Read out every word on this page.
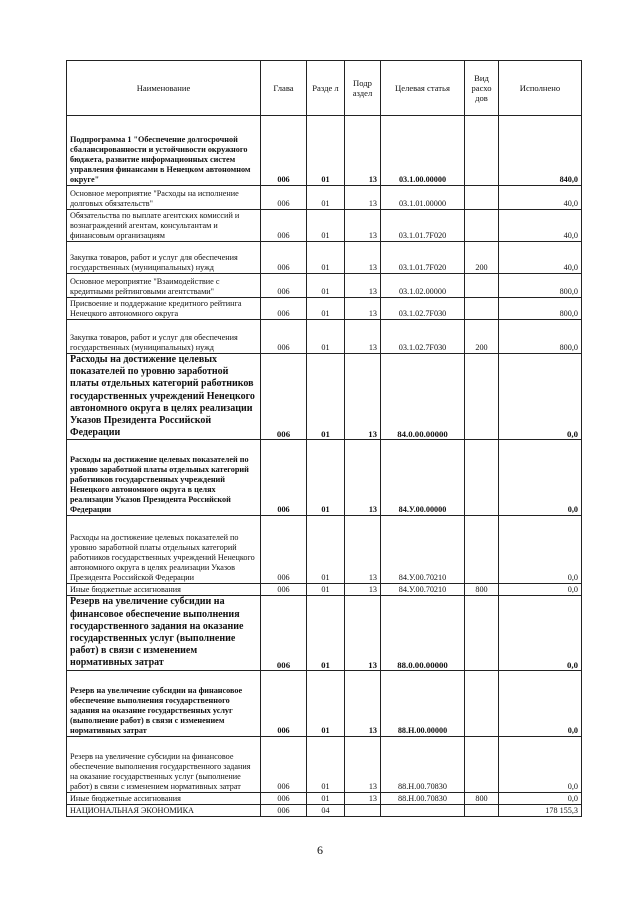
Наименование	Глава	Разде л	Подр аздел	Целевая статья	Вид расхо дов	Исполнено
Подпрограмма 1 "Обеспечение долгосрочной сбалансированности и устойчивости окружного бюджета, развитие информационных систем управления финансами в Ненецком автономном округе"	006	01	13	03.1.00.00000		840,0
Основное мероприятие "Расходы на исполнение долговых обязательств"	006	01	13	03.1.01.00000		40,0
Обязательства по выплате агентских комиссий и вознаграждений агентам, консультантам и финансовым организациям	006	01	13	03.1.01.7F020		40,0
Закупка товаров, работ и услуг для обеспечения государственных (муниципальных) нужд	006	01	13	03.1.01.7F020	200	40,0
Основное мероприятие "Взаимодействие с кредитными рейтинговыми агентствами"	006	01	13	03.1.02.00000		800,0
Присвоение и поддержание кредитного рейтинга Ненецкого автономного округа	006	01	13	03.1.02.7F030		800,0
Закупка товаров, работ и услуг для обеспечения государственных (муниципальных) нужд	006	01	13	03.1.02.7F030	200	800,0
Расходы на достижение целевых показателей по уровню заработной платы отдельных категорий работников государственных учреждений Ненецкого автономного округа в целях реализации Указов Президента Российской Федерации	006	01	13	84.0.00.00000		0,0
Расходы на достижение целевых показателей по уровню заработной платы отдельных категорий работников государственных учреждений Ненецкого автономного округа в целях реализации Указов Президента Российской Федерации	006	01	13	84.У.00.00000		0,0
Расходы на достижение целевых показателей по уровню заработной платы отдельных категорий работников государственных учреждений Ненецкого автономного округа в целях реализации Указов Президента Российской Федерации	006	01	13	84.У.00.70210		0,0
Иные бюджетные ассигнования	006	01	13	84.У.00.70210	800	0,0
Резерв на увеличение субсидии на финансовое обеспечение выполнения государственного задания на оказание государственных услуг (выполнение работ) в связи с изменением нормативных затрат	006	01	13	88.0.00.00000		0,0
Резерв на увеличение субсидии на финансовое обеспечение выполнения государственного задания на оказание государственных услуг (выполнение работ) в связи с изменением нормативных затрат	006	01	13	88.Н.00.00000		0,0
Резерв на увеличение субсидии на финансовое обеспечение выполнения государственного задания на оказание государственных услуг (выполнение работ) в связи с изменением нормативных затрат	006	01	13	88.Н.00.70830		0,0
Иные бюджетные ассигнования	006	01	13	88.Н.00.70830	800	0,0
НАЦИОНАЛЬНАЯ ЭКОНОМИКА	006	04				178 155,3
6
